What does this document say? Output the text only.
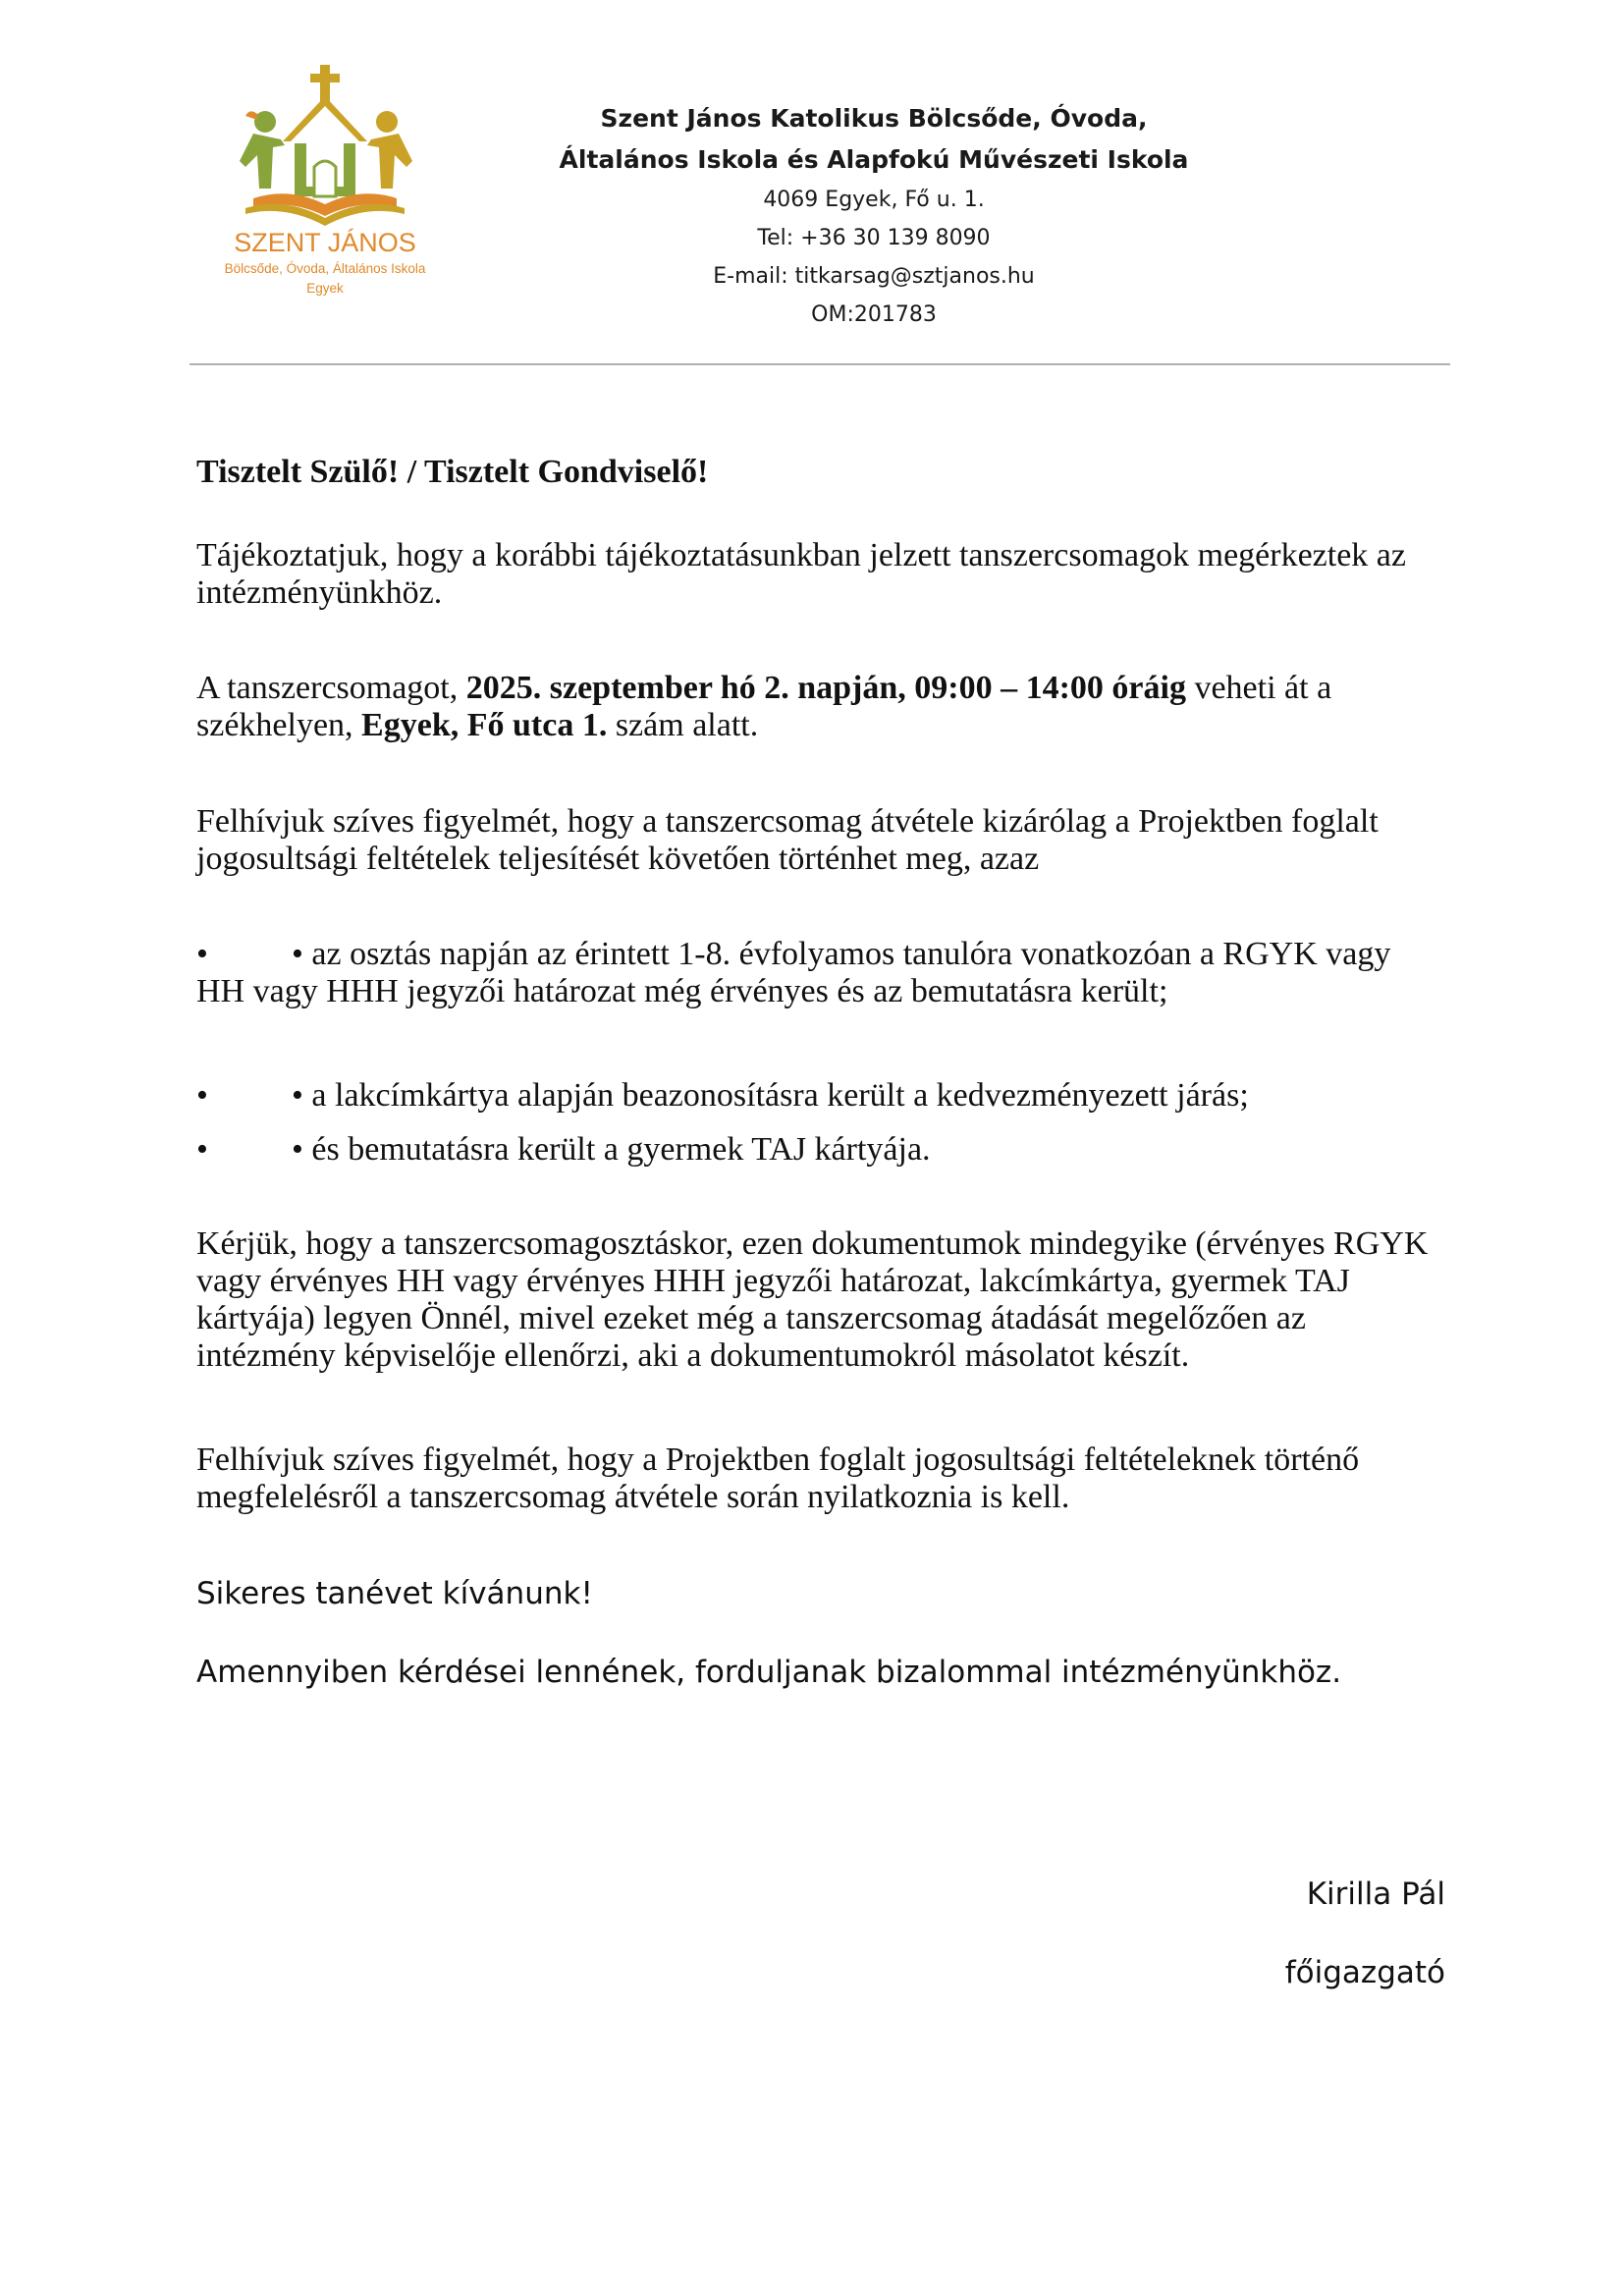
SZENT JÁNOS
Bölcsőde, Óvoda, Általános Iskola
Egyek
Szent János Katolikus Bölcsőde, Óvoda,
Általános Iskola és Alapfokú Művészeti Iskola
4069 Egyek, Fő u. 1.
Tel: +36 30 139 8090
E-mail: titkarsag@sztjanos.hu
OM:201783
Tisztelt Szülő! / Tisztelt Gondviselő!
Tájékoztatjuk, hogy a korábbi tájékoztatásunkban jelzett tanszercsomagok megérkeztek az intézményünkhöz.
A tanszercsomagot, 2025. szeptember hó 2. napján, 09:00 – 14:00 óráig veheti át a székhelyen, Egyek, Fő utca 1. szám alatt.
Felhívjuk szíves figyelmét, hogy a tanszercsomag átvétele kizárólag a Projektben foglalt jogosultsági feltételek teljesítését követően történhet meg, azaz
•	• az osztás napján az érintett 1-8. évfolyamos tanulóra vonatkozóan a RGYK vagy HH vagy HHH jegyzői határozat még érvényes és az bemutatásra került;
•	• a lakcímkártya alapján beazonosításra került a kedvezményezett járás;
•	• és bemutatásra került a gyermek TAJ kártyája.
Kérjük, hogy a tanszercsomagosztáskor, ezen dokumentumok mindegyike (érvényes RGYK vagy érvényes HH vagy érvényes HHH jegyzői határozat, lakcímkártya, gyermek TAJ kártyája) legyen Önnél, mivel ezeket még a tanszercsomag átadását megelőzően az intézmény képviselője ellenőrzi, aki a dokumentumokról másolatot készít.
Felhívjuk szíves figyelmét, hogy a Projektben foglalt jogosultsági feltételeknek történő megfelelésről a tanszercsomag átvétele során nyilatkoznia is kell.
Sikeres tanévet kívánunk!
Amennyiben kérdései lennének, forduljanak bizalommal intézményünkhöz.
Kirilla Pál
főigazgató
